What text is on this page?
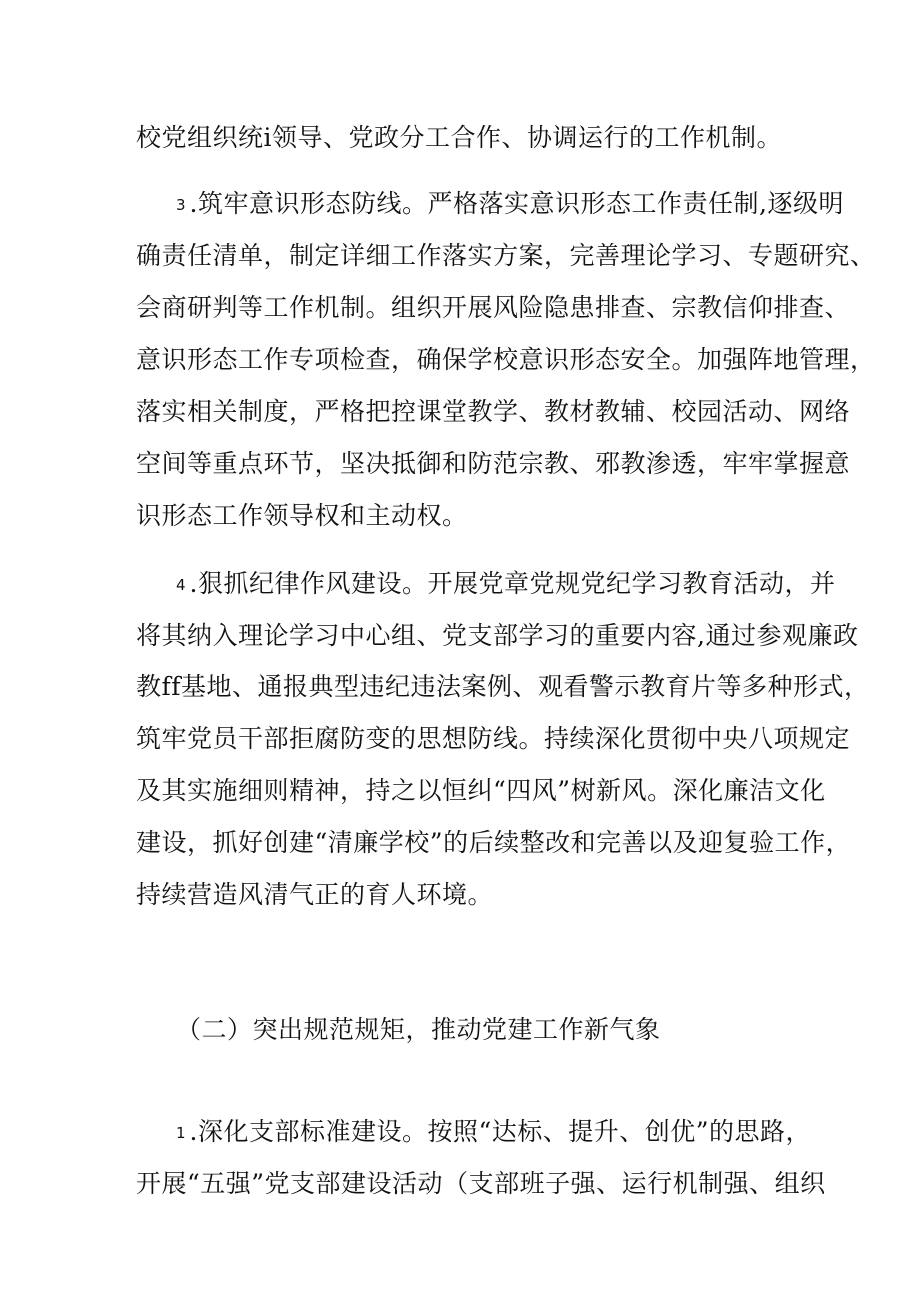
校党组织统i领导、党政分工合作、协调运行的工作机制。
3 .筑牢意识形态防线。严格落实意识形态工作责任制,逐级明
确责任清单，制定详细工作落实方案，完善理论学习、专题研究、
会商研判等工作机制。组织开展风险隐患排查、宗教信仰排查、
意识形态工作专项检查，确保学校意识形态安全。加强阵地管理，
落实相关制度，严格把控课堂教学、教材教辅、校园活动、网络
空间等重点环节，坚决抵御和防范宗教、邪教渗透，牢牢掌握意
识形态工作领导权和主动权。
4 .狠抓纪律作风建设。开展党章党规党纪学习教育活动，并
将其纳入理论学习中心组、党支部学习的重要内容,通过参观廉政
教ff基地、通报典型违纪违法案例、观看警示教育片等多种形式，
筑牢党员干部拒腐防变的思想防线。持续深化贯彻中央八项规定
及其实施细则精神，持之以恒纠“四风”树新风。深化廉洁文化
建设，抓好创建“清廉学校”的后续整改和完善以及迎复验工作，
持续营造风清气正的育人环境。
（二）突出规范规矩，推动党建工作新气象
1 .深化支部标准建设。按照“达标、提升、创优”的思路，
开展“五强”党支部建设活动（支部班子强、运行机制强、组织
